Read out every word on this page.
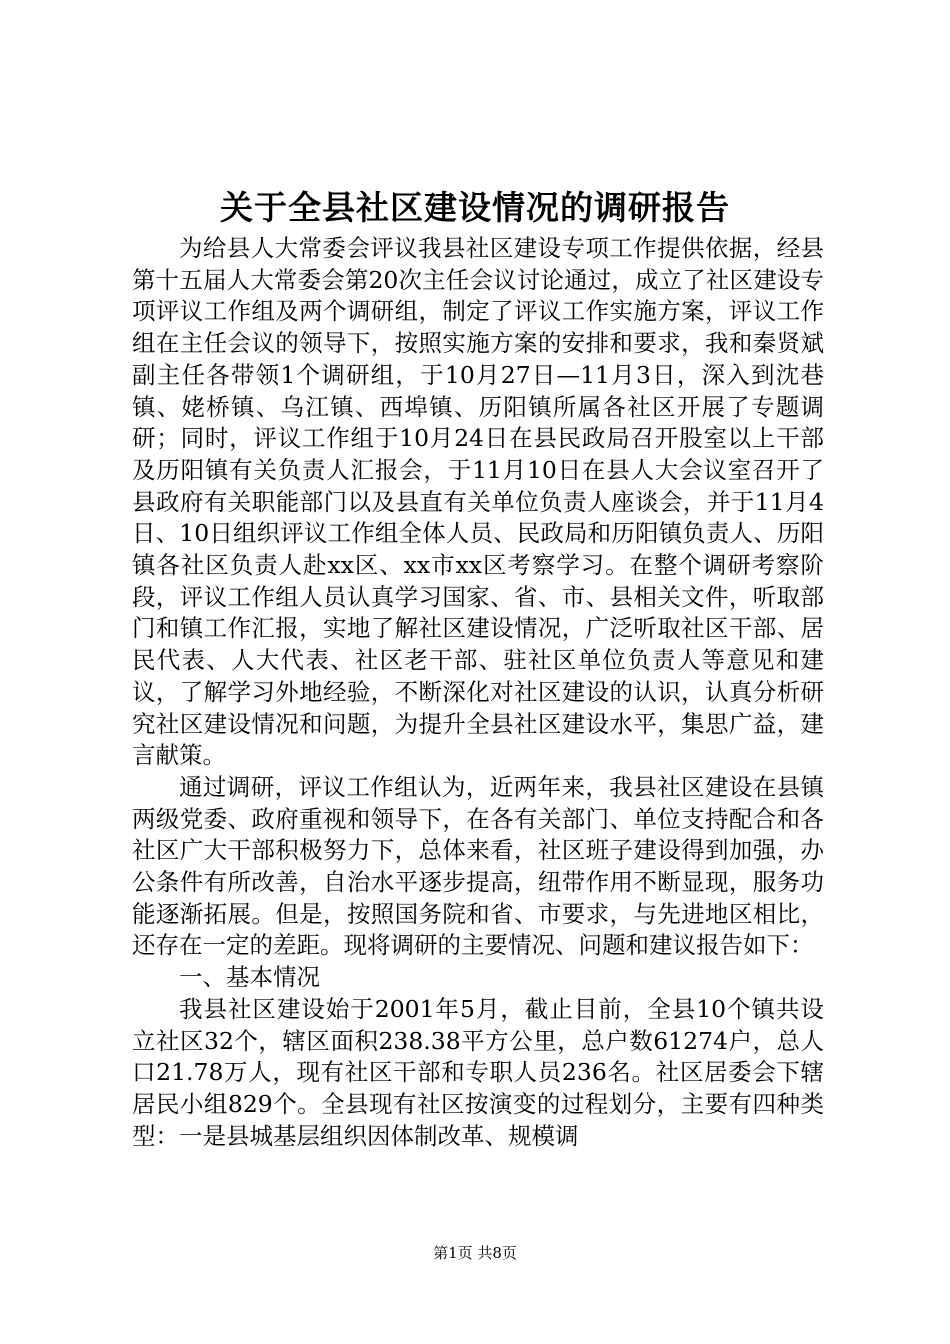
关于全县社区建设情况的调研报告

为给县人大常委会评议我县社区建设专项工作提供依据，经县第十五届人大常委会第20次主任会议讨论通过，成立了社区建设专项评议工作组及两个调研组，制定了评议工作实施方案，评议工作组在主任会议的领导下，按照实施方案的安排和要求，我和秦贤斌副主任各带领1个调研组，于10月27日—11月3日，深入到沈巷镇、姥桥镇、乌江镇、西埠镇、历阳镇所属各社区开展了专题调研；同时，评议工作组于10月24日在县民政局召开股室以上干部及历阳镇有关负责人汇报会，于11月10日在县人大会议室召开了县政府有关职能部门以及县直有关单位负责人座谈会，并于11月4日、10日组织评议工作组全体人员、民政局和历阳镇负责人、历阳镇各社区负责人赴xx区、xx市xx区考察学习。在整个调研考察阶段，评议工作组人员认真学习国家、省、市、县相关文件，听取部门和镇工作汇报，实地了解社区建设情况，广泛听取社区干部、居民代表、人大代表、社区老干部、驻社区单位负责人等意见和建议，了解学习外地经验，不断深化对社区建设的认识，认真分析研究社区建设情况和问题，为提升全县社区建设水平，集思广益，建言献策。

通过调研，评议工作组认为，近两年来，我县社区建设在县镇两级党委、政府重视和领导下，在各有关部门、单位支持配合和各社区广大干部积极努力下，总体来看，社区班子建设得到加强，办公条件有所改善，自治水平逐步提高，纽带作用不断显现，服务功能逐渐拓展。但是，按照国务院和省、市要求，与先进地区相比，还存在一定的差距。现将调研的主要情况、问题和建议报告如下：

一、基本情况

我县社区建设始于2001年5月，截止目前，全县10个镇共设立社区32个，辖区面积238.38平方公里，总户数61274户，总人口21.78万人，现有社区干部和专职人员236名。社区居委会下辖居民小组829个。全县现有社区按演变的过程划分，主要有四种类型：一是县城基层组织因体制改革、规模调

第1页 共8页
